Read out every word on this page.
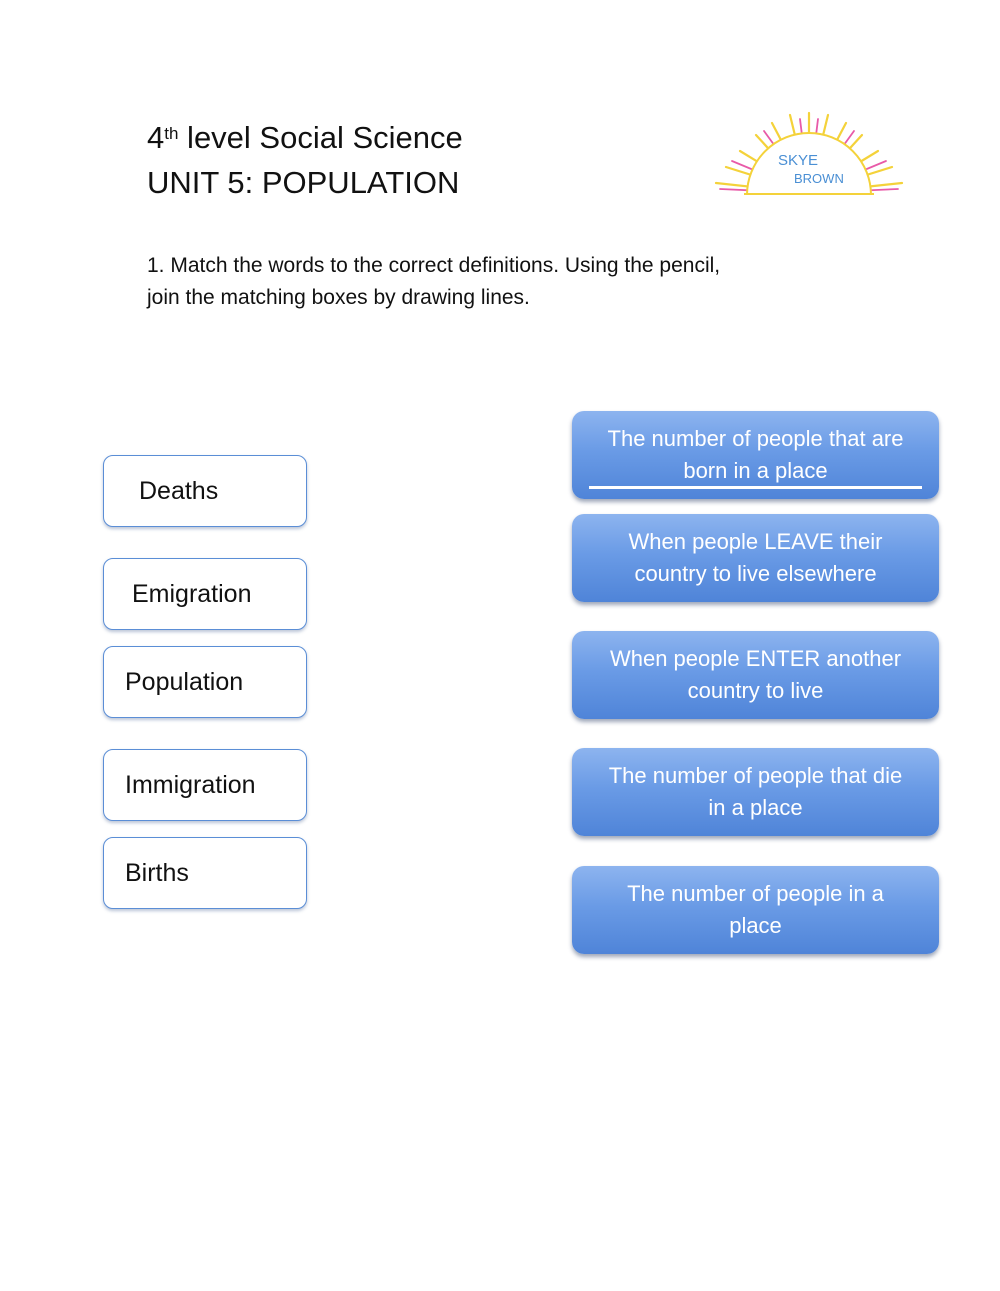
4th level Social Science
UNIT 5: POPULATION
SKYE
BROWN
1. Match the words to the correct definitions. Using the pencil,
join the matching boxes by drawing lines.
Deaths
Emigration
Population
Immigration
Births
The number of people that are
born in a place
When people LEAVE their
country to live elsewhere
When people ENTER another
country to live
The number of people that die
in a place
The number of people in a
place
